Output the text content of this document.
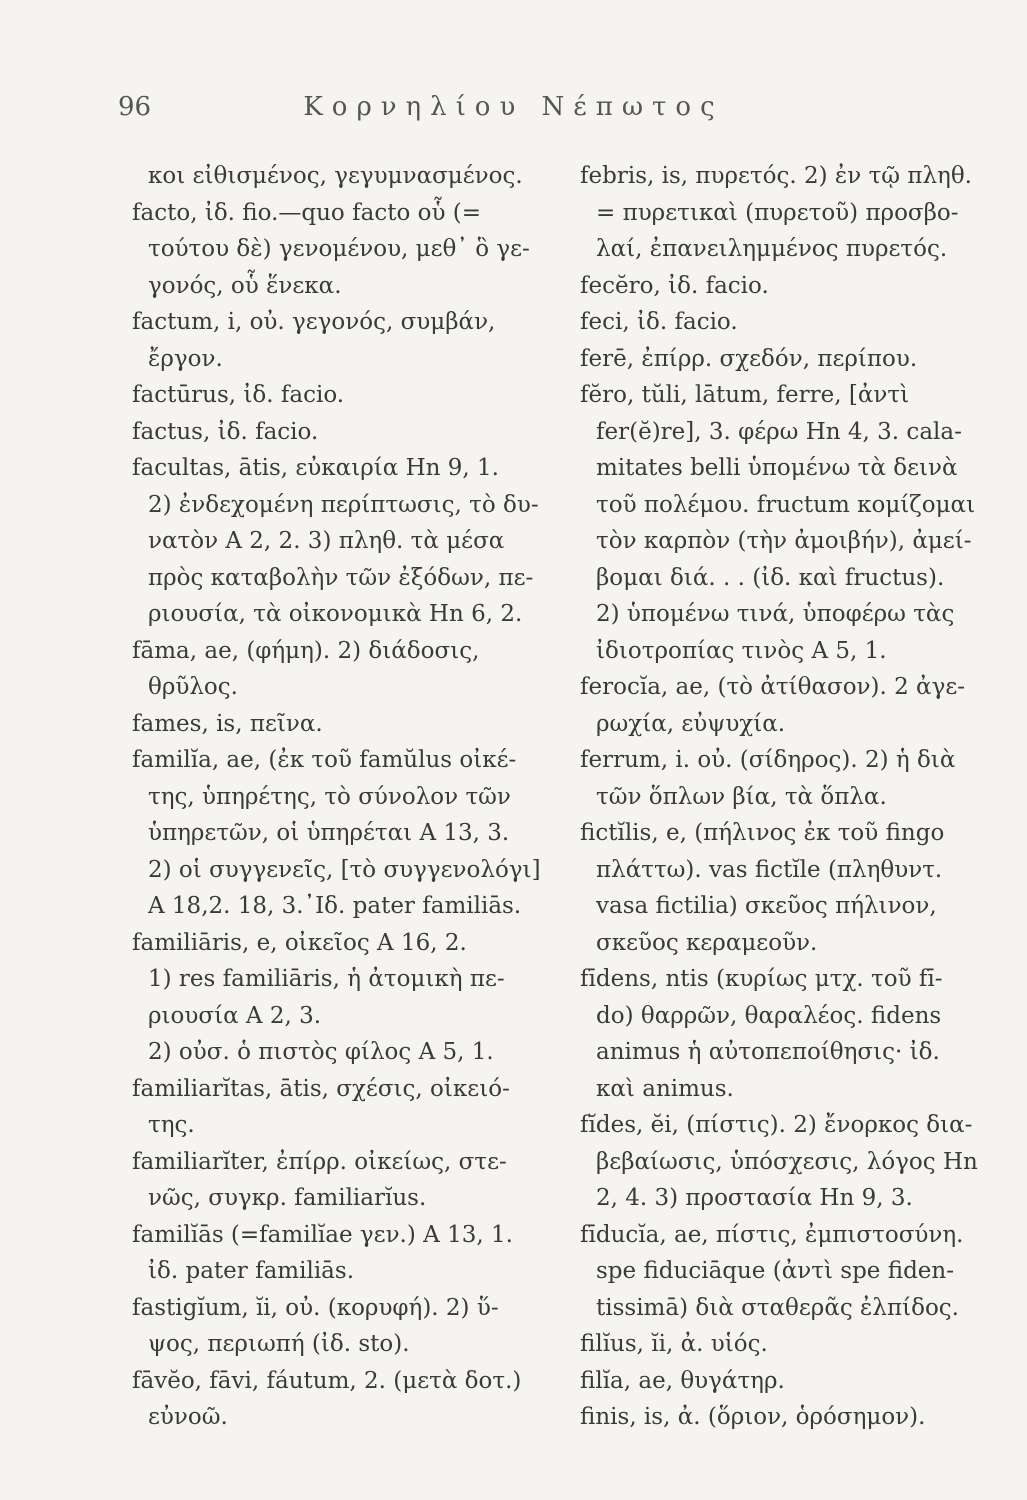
96	Κορνηλίου Νέπωτος
κοι εἰθισμένος, γεγυμνασμένος.
facto, ἰδ. fio.—quo facto οὗ (=
τούτου δὲ) γενομένου, μεθ᾽ ὃ γε-
γονός, οὗ ἕνεκα.
factum, i, οὐ. γεγονός, συμβάν,
ἔργον.
factūrus, ἰδ. facio.
factus, ἰδ. facio.
facultas, ātis, εὐκαιρία Hn 9, 1.
2) ἐνδεχομένη περίπτωσις, τὸ δυ-
νατὸν A 2, 2. 3) πληθ. τὰ μέσα
πρὸς καταβολὴν τῶν ἐξόδων, πε-
ριουσία, τὰ οἰκονομικὰ Hn 6, 2.
fāma, ae, (φήμη). 2) διάδοσις,
θρῦλος.
fames, is, πεῖνα.
familĭa, ae, (ἐκ τοῦ famŭlus οἰκέ-
της, ὑπηρέτης, τὸ σύνολον τῶν
ὑπηρετῶν, οἱ ὑπηρέται A 13, 3.
2) οἱ συγγενεῖς, [τὸ συγγενολόγι]
A 18,2. 18, 3.᾽Ιδ. pater familiās.
familiāris, e, οἰκεῖος A 16, 2.
1) res familiāris, ἡ ἀτομικὴ πε-
ριουσία A 2, 3.
2) οὐσ. ὁ πιστὸς φίλος A 5, 1.
familiarĭtas, ātis, σχέσις, οἰκειό-
της.
familiarĭter, ἐπίρρ. οἰκείως, στε-
νῶς, συγκρ. familiarĭus.
familĭās (=familĭae γεν.) A 13, 1.
ἰδ. pater familiās.
fastigĭum, ĭi, οὐ. (κορυφή). 2) ὕ-
ψος, περιωπή (ἰδ. sto).
fāvĕo, fāvi, fáutum, 2. (μετὰ δοτ.)
εὐνοῶ.
febris, is, πυρετός. 2) ἐν τῷ πληθ.
= πυρετικαὶ (πυρετοῦ) προσβο-
λαί, ἐπανειλημμένος πυρετός.
fecĕro, ἰδ. facio.
feci, ἰδ. facio.
ferē, ἐπίρρ. σχεδόν, περίπου.
fĕro, tŭli, lātum, ferre, [ἀντὶ
fer(ĕ)re], 3. φέρω Hn 4, 3. cala-
mitates belli ὑπομένω τὰ δεινὰ
τοῦ πολέμου. fructum κομίζομαι
τὸν καρπὸν (τὴν ἀμοιβήν), ἀμεί-
βομαι διά. . . (ἰδ. καὶ fructus).
2) ὑπομένω τινά, ὑποφέρω τὰς
ἰδιοτροπίας τινὸς A 5, 1.
ferocĭa, ae, (τὸ ἀτίθασον). 2 ἀγε-
ρωχία, εὐψυχία.
ferrum, i. οὐ. (σίδηρος). 2) ἡ διὰ
τῶν ὅπλων βία, τὰ ὅπλα.
fictĭlis, e, (πήλινος ἐκ τοῦ fingo
πλάττω). vas fictĭle (πληθυντ.
vasa fictilia) σκεῦος πήλινον,
σκεῦος κεραμεοῦν.
fīdens, ntis (κυρίως μτχ. τοῦ fī-
do) θαρρῶν, θαραλέος. fidens
animus ἡ αὐτοπεποίθησις· ἰδ.
καὶ animus.
fĭdes, ĕi, (πίστις). 2) ἔνορκος δια-
βεβαίωσις, ὑπόσχεσις, λόγος Hn
2, 4. 3) προστασία Hn 9, 3.
fīducĭa, ae, πίστις, ἐμπιστοσύνη.
spe fiduciāque (ἀντὶ spe fiden-
tissimā) διὰ σταθερᾶς ἐλπίδος.
filĭus, ĭi, ἀ. υἱός.
filĭa, ae, θυγάτηρ.
finis, is, ἀ. (ὅριον, ὁρόσημον).
